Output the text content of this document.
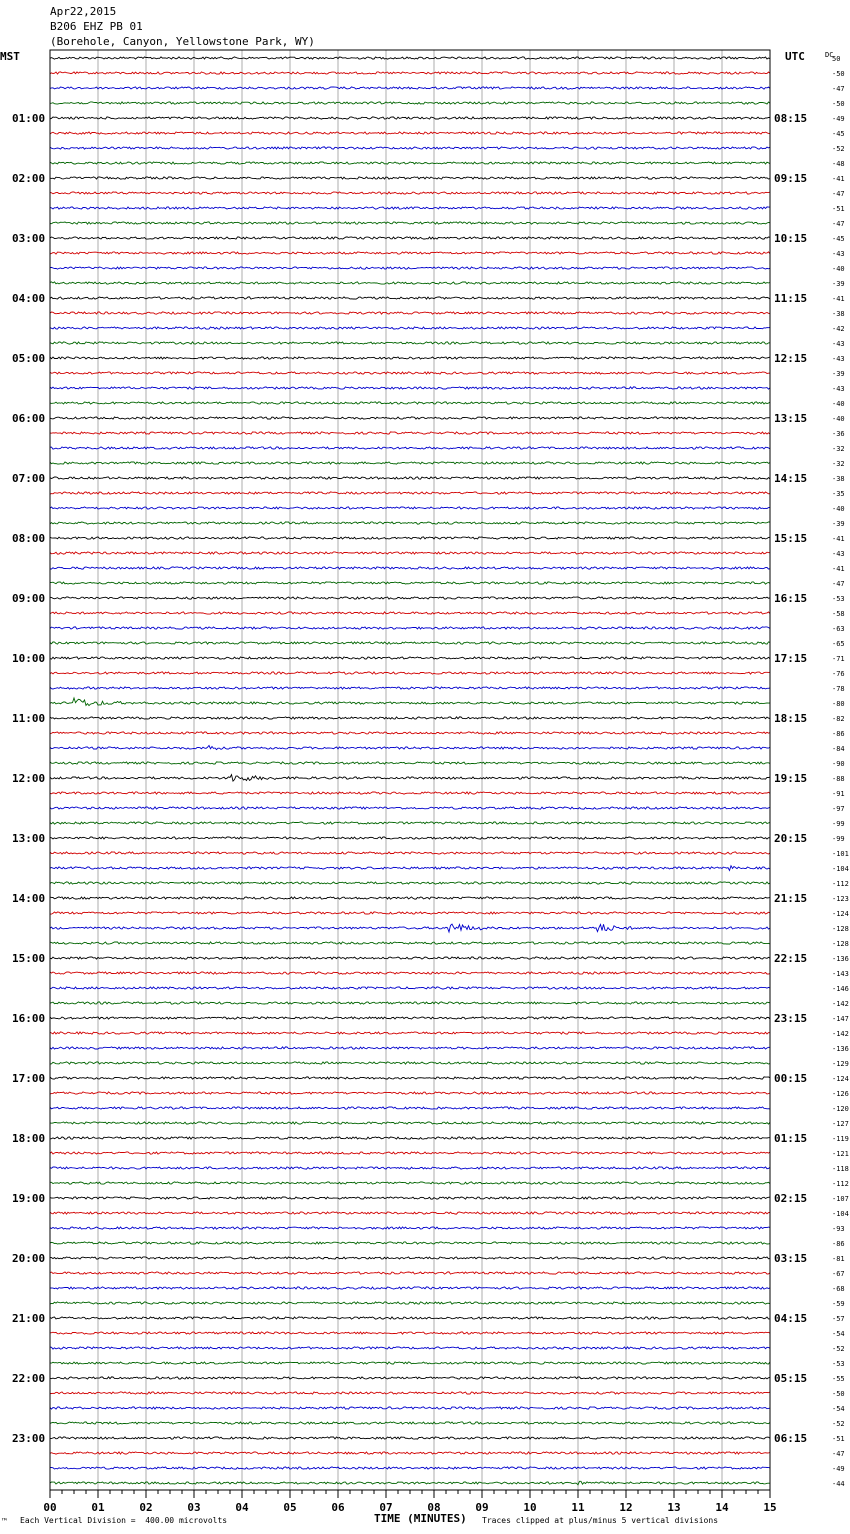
Apr22,2015
B206 EHZ PB 01
(Borehole, Canyon, Yellowstone Park, WY)
MST	UTC	50
-50
-47
-50
-49
01:00	08:15
-45
-52
-48
-41
02:00	09:15
-47
-51
-47
-45
03:00	10:15
-43
-40
-39
-41
04:00	11:15
-38
-42
-43
-43
05:00	12:15
-39
-43
-40
-40
06:00	13:15
-36
-32
-32
-38
07:00	14:15
-35
-40
-39
-41
08:00	15:15
-43
-41
-47
-53
09:00	16:15
-58
-63
-65
-71
10:00	17:15
-76
-78
-80
-82
11:00	18:15
-86
-84
-90
-88
12:00	19:15
-91
-97
-99
-99
13:00	20:15
-101
-104
-112
-123
14:00	21:15
-124
-128
-128
-136
15:00	22:15
-143
-146
-142
-147
16:00	23:15
-142
-136
-129
-124
17:00	00:15
-126
-120
-127
-119
18:00	01:15
-121
-118
-112
-107
19:00	02:15
-104
-93
-86
-81
20:00	03:15
-67
-68
-59
-57
21:00	04:15
-54
-52
-53
-55
22:00	05:15
-50
-54
-52
-51
23:00	06:15
-47
-49
-44
DC
00	01	02	03	04	05	06	07	08	09	10	11	12	13	14	15
TIME (MINUTES)
™ Each Vertical Division =  400.00 microvolts	Traces clipped at plus/minus 5 vertical divisions
